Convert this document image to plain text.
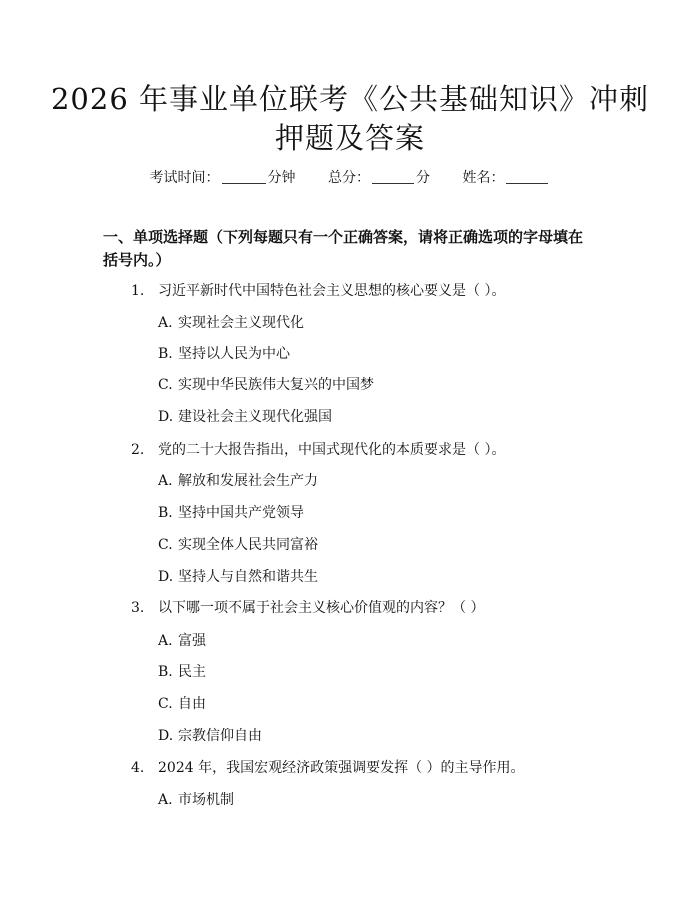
2026 年事业单位联考《公共基础知识》冲刺
押题及答案
考试时间：	分钟 总分：	分 姓名：
一、单项选择题（下列每题只有一个正确答案，请将正确选项的字母填在括号内。）
1. 习近平新时代中国特色社会主义思想的核心要义是（ ）。
A. 实现社会主义现代化
B. 坚持以人民为中心
C. 实现中华民族伟大复兴的中国梦
D. 建设社会主义现代化强国
2. 党的二十大报告指出，中国式现代化的本质要求是（ ）。
A. 解放和发展社会生产力
B. 坚持中国共产党领导
C. 实现全体人民共同富裕
D. 坚持人与自然和谐共生
3. 以下哪一项不属于社会主义核心价值观的内容？（ ）
A. 富强
B. 民主
C. 自由
D. 宗教信仰自由
4. 2024 年，我国宏观经济政策强调要发挥（ ）的主导作用。
A. 市场机制
